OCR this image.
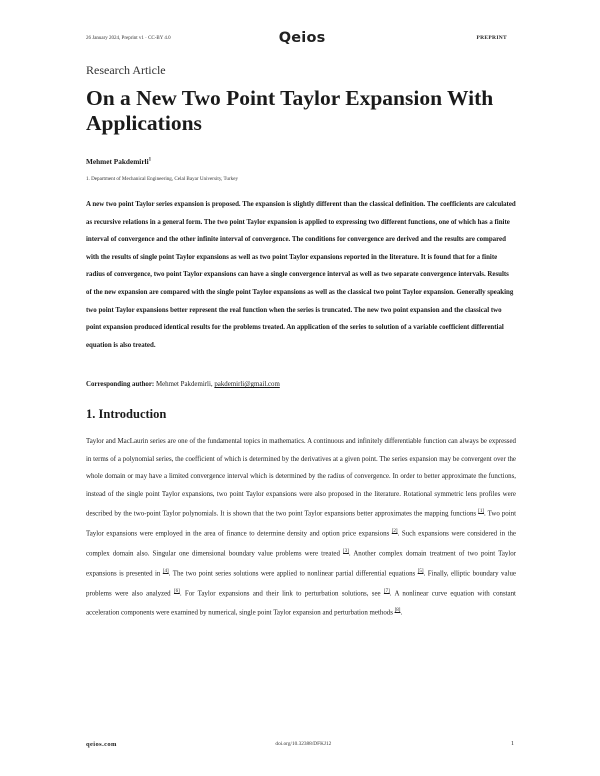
26 January 2024, Preprint v1 · CC-BY 4.0	Qeios	PREPRINT
Research Article
On a New Two Point Taylor Expansion With Applications
Mehmet Pakdemirli$^1$
1. Department of Mechanical Engineering, Celal Bayar University, Turkey
A new two point Taylor series expansion is proposed. The expansion is slightly different than the classical definition. The coefficients are calculated as recursive relations in a general form. The two point Taylor expansion is applied to expressing two different functions, one of which has a finite interval of convergence and the other infinite interval of convergence. The conditions for convergence are derived and the results are compared with the results of single point Taylor expansions as well as two point Taylor expansions reported in the literature. It is found that for a finite radius of convergence, two point Taylor expansions can have a single convergence interval as well as two separate convergence intervals. Results of the new expansion are compared with the single point Taylor expansions as well as the classical two point Taylor expansion. Generally speaking two point Taylor expansions better represent the real function when the series is truncated. The new two point expansion and the classical two point expansion produced identical results for the problems treated. An application of the series to solution of a variable coefficient differential equation is also treated.
Corresponding author: Mehmet Pakdemirli, pakdemirli@gmail.com
1. Introduction
Taylor and MacLaurin series are one of the fundamental topics in mathematics. A continuous and infinitely differentiable function can always be expressed in terms of a polynomial series, the coefficient of which is determined by the derivatives at a given point. The series expansion may be convergent over the whole domain or may have a limited convergence interval which is determined by the radius of convergence. In order to better approximate the functions, instead of the single point Taylor expansions, two point Taylor expansions were also proposed in the literature. Rotational symmetric lens profiles were described by the two-point Taylor polynomials. It is shown that the two point Taylor expansions better approximates the mapping functions [1]. Two point Taylor expansions were employed in the area of finance to determine density and option price expansions [2]. Such expansions were considered in the complex domain also. Singular one dimensional boundary value problems were treated [3]. Another complex domain treatment of two point Taylor expansions is presented in [4]. The two point series solutions were applied to nonlinear partial differential equations [5]. Finally, elliptic boundary value problems were also analyzed [6]. For Taylor expansions and their link to perturbation solutions, see [7]. A nonlinear curve equation with constant acceleration components were examined by numerical, single point Taylor expansion and perturbation methods [8].
qeios.com	doi.org/10.32388/DFKJ12	1
